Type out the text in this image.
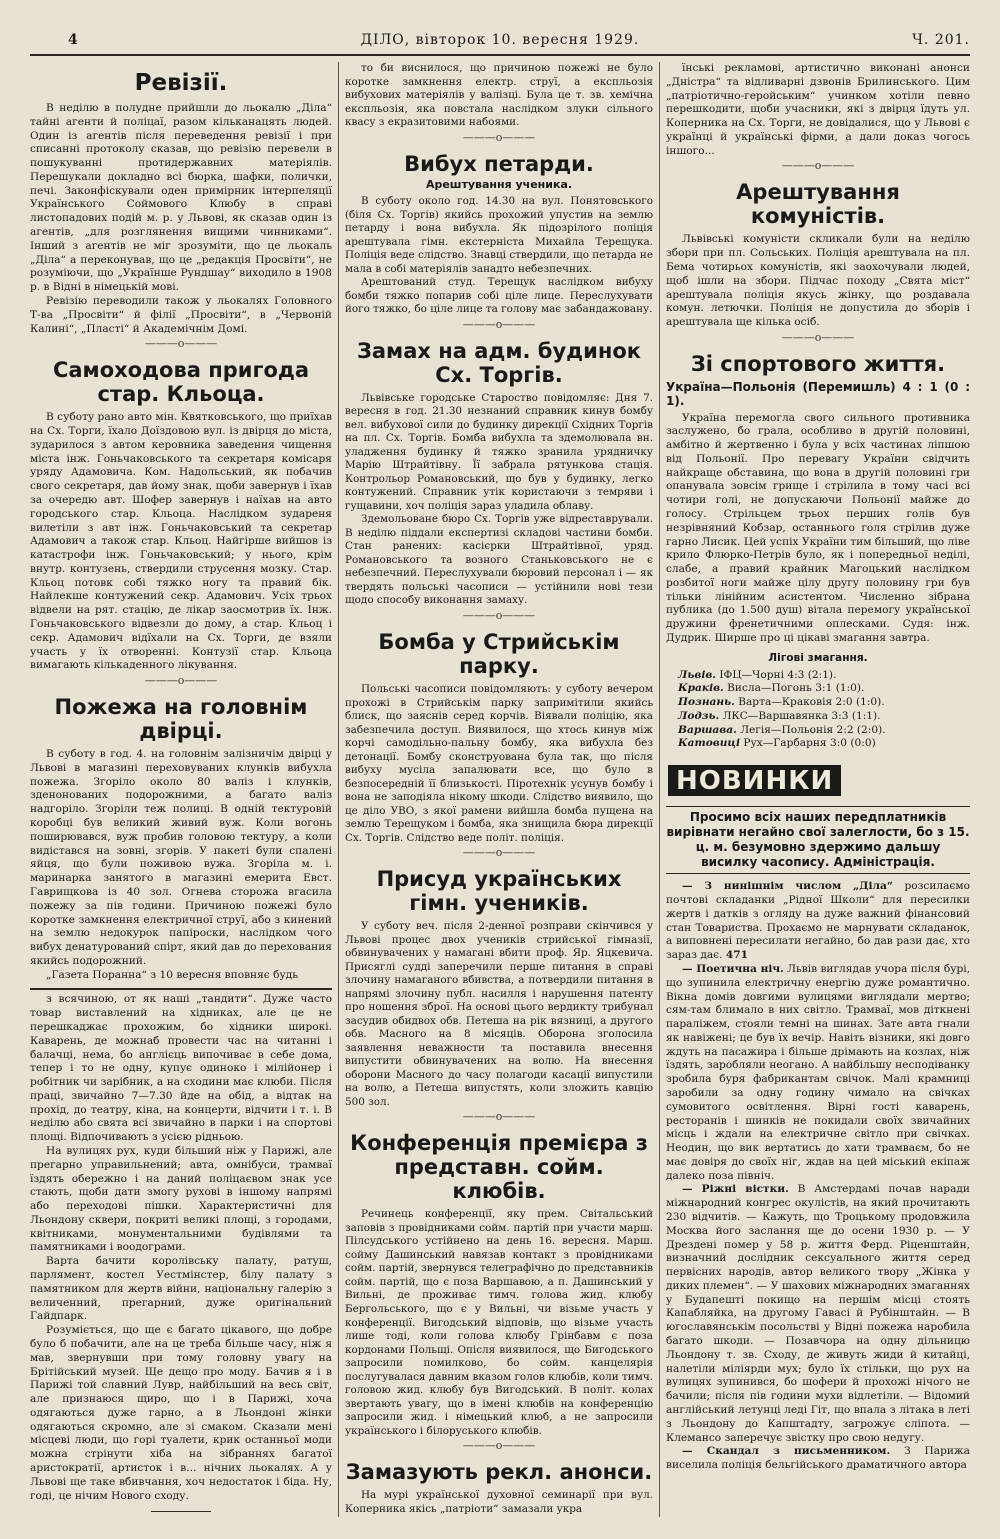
4	ДІЛО, вівторок 10. вересня 1929.	Ч. 201.
Ревізії.

В неділю в полудне прийшли до льокалю „Діла“ тайні агенти й поліцаї, разом кільканацять людей. Один із агентів після переведення ревізії і при списанні протоколу сказав, що ревізію перевели в пошукуванні протидержавних матеріялів. Перешукали докладно всі бюрка, шафки, полички, печі. Законфіскували оден примірник інтерпеляції Українського Соймового Клюбу в справі листопадових подій м. р. у Львові, як сказав один із агентів, „для розглянення вищими чинниками“. Інший з агентів не міг зрозуміти, що це льокаль „Діла“ а переконував, що це „редакція Просвіти“, не розуміючи, що „Українше Рундшау“ виходило в 1908 р. в Відні в німецькій мові.

Ревізію переводили також у льокалях Головного Т-ва „Просвіти“ й філії „Просвіти“, в „Червоній Калині“, „Пласті“ й Академічнім Домі.

———o———
Самоходова пригода стар. Кльоца.

В суботу рано авто мін. Квятковського, що приїхав на Сх. Торги, їхало Доїздовою вул. із двірця до міста, зударилося з автом керовника заведення чищення міста інж. Гоньчаковського та секретаря комісаря уряду Адамовича. Ком. Надольський, як побачив свого секретаря, дав йому знак, щоби завернув і їхав за очередю авт. Шофер завернув і наїхав на авто городського стар. Кльоца. Наслідком зудареня вилетіли з авт інж. Гоньчаковський та секретар Адамович а також стар. Кльоц. Найгірше вийшов із катастрофи інж. Гоньчаковський; у нього, крім внутр. контузень, ствердили струсення мозку. Стар. Кльоц потовк собі тяжко ногу та правий бік. Найлекше контужений секр. Адамович. Усіх трьох відвели на рят. стацію, де лікар заосмотрив їх. Інж. Гоньчаковського відвезли до дому, а стар. Кльоц і секр. Адамович відїхали на Сх. Торги, де взяли участь у їх отворенні. Контузії стар. Кльоца вимагають кількаденного лікування.

———o———
Пожежа на головнім двірці.

В суботу в год. 4. на головнім залізничім двірці у Львові в магазині переховуваних клунків вибухла пожежа. Згоріло около 80 валіз і клунків, зденонованих подорожними, а багато валіз надгоріло. Згоріли теж полиці. В одній тектуровій коробці був великий живий вуж. Коли вогонь поширювався, вуж пробив головою тектуру, а коли видістався на зовні, згорів. У пакеті були спалені яйця, що були поживою вужа. Згоріла м. і. маринарка занятого в магазині емерита Евст. Гаврищкова із 40 зол. Огнева сторожа вгасила пожежу за пів години. Причиною пожежі було коротке замкнення електричної струї, або з кинений на землю недокурок папіроски, наслідком чого вибух денатурований спірт, який дав до перехования якийсь подорожний.

„Газета Поранна“ з 10 вересня вповняє будь

з всячиною, от як наші „тандити“. Дуже часто товар виставлений на хідниках, але це не перешкаджає прохожим, бо хідники широкі. Каварень, де можнаб провести час на читанні і балачці, нема, бо англієць випочиває в себе дома, тепер і то не одну, купує одиноко і мілійонер і робітник чи зарібник, а на сходини має клюби. Після праці, звичайно 7—7.30 йде на обід, а відтак на прохід, до театру, кіна, на концерти, відчити і т. і. В неділю або свята всі звичайно в парки і на спортові площі. Відпочивають з усією рідньою.

На вулицях рух, куди більший ніж у Парижі, але прегарно управильнений; авта, омнібуси, трамваї їздять обережно і на даний поліцаєвом знак усе стають, щоби дати змогу рухові в іншому напрямі або переходові пішки. Характеристичні для Льондону сквери, покриті великі площі, з городами, квітниками, монументальними будівлями та памятниками і воодограми.

Варта бачити королівську палату, ратуш, парлямент, костел Уестмінстер, білу палату з памятником для жертв війни, національну галерію з величенний, прегарний, дуже оригінальний Гайдпарк.

Розуміється, що ще є багато цікавого, що добре було б побачити, але на це треба більше часу, ніж я мав, звернувши при тому головну увагу на Брітійський музей. Ще дещо про моду. Бачив я і в Парижі той славний Лувр, найбільший на весь світ, але признаюся щиро, що і в Парижі, хоча одягаються дуже гарно, а в Льондоні жінки одягаються скромно, але зі смаком. Сказали мені місцеві люди, що горі туалети, крик останньої моди можна стрінути хіба на зібраннях багатої аристократії, артисток і в... нічних льокалях. А у Львові ще таке вбивчання, хоч недостаток і біда. Ну, годі, це нічим Нового сходу.

то би виснилося, що причиною пожежі не було коротке замкнення електр. струї, а експльозія вибухових матеріялів у валізці. Була це т. зв. хемічна експльозія, яка повстала наслідком злуки сільного квасу з екразитовими набоями.

———o———
Вибух петарди.
Арештування ученика.

В суботу около год. 14.30 на вул. Понятовського (біля Сх. Торгів) якийсь прохожий упустив на землю петарду і вона вибухла. Як підозрілого поліція арештувала гімн. екстерніста Михайла Терещука. Поліція веде слідство. Знавці ствердили, що петарда не мала в собі матеріялів занадто небезпечних.

Арештований студ. Терещук наслідком вибуху бомби тяжко попарив собі ціле лице. Переслухувати його тяжко, бо ціле лице та голову має забандажовану.

———o———
Замах на адм. будинок Сх. Торгів.

Львівське городське Староство повідомляє: Дня 7. вересня в год. 21.30 незнаний справник кинув бомбу вел. вибухової сили до будинку дирекції Східних Торгів на пл. Сх. Торгів. Бомба вибухла та здемолювала вн. уладження будинку й тяжко зранила урядничку Марію Штрайтівну. Її забрала рятункова стація. Контрольор Романовський, що був у будинку, легко контужений. Справник утік користаючи з темряви і гущавини, хоч поліція зараз уладила облаву.

Здемольоване бюро Сх. Торгів уже відреставрували. В неділю піддали експертизі складові частини бомби. Стан ранених: касієрки Штрайтівної, уряд. Романовського та возного Станьковського не є небезпечний. Переслухували бюровий персонал і — як твердять польські часописи — устійнили нові тези щодо способу виконання замаху.

———o———
Бомба у Стрийськім парку.

Польські часописи повідомляють: у суботу вечером прохожі в Стрийськім парку запримітили якийсь блиск, що заяснів серед корчів. Віявали поліцію, яка забезпечила доступ. Виявилося, що хтось кинув між корчі самодільно-пальну бомбу, яка вибухла без детонації. Бомбу сконструована була так, що після вибуху мусіла запалювати все, що було в безпосередній її близькості. Піротехнік усунув бомбу і вона не заподіяла нікому шкоди. Слідство виявило, що це діло УВО, з якої рамени вийшла бомба пущена на землю Терещуком і бомба, яка знищила бюра дирекції Сх. Торгів. Слідство веде політ. поліція.

———o———
Присуд українських гімн. учеників.

У суботу веч. після 2-денної розправи скінчився у Львові процес двох учеників стрийської гімназії, обвинувачених у намагані вбити проф. Яр. Яцкевича. Присяглі судді заперечили перше питання в справі злочину намаганого вбивства, а потвердили питання в напрямі злочину публ. насилля і нарушення патенту про ношення зброї. На основі цього вердикту трибунал засудив обидвох обв. Петеша на рік вязниці, а другого обв. Масного на 8 місяців. Оборона зголосила заявлення неважности та поставила внесення випустити обвинувачених на волю. На внесення оборони Масного до часу полагоди касації випустили на волю, а Петеша випустять, коли зложить кавцію 500 зол.

———o———
Конференція премієра з представн. сойм. клюбів.

Речинець конференції, яку прем. Світальський заповів з провідниками сойм. партій при участи марш. Пілсудського устійнено на день 16. вересня. Марш. сойму Дашинський навязав контакт з провідниками сойм. партій, звернувся телеграфічно до представників сойм. партій, що є поза Варшавою, а п. Дашинський у Вильні, де проживає тимч. голова жид. клюбу Бергольського, що є у Вильні, чи візьме участь у конференції. Вигодський відповів, що візьме участь лише тоді, коли голова клюбу Грінбавм є поза кордонами Польщі. Опісля виявилося, що Бигодського запросили помилково, бо сойм. канцелярія послугувалася давним вказом голов клюбів, коли тимч. головою жид. клюбу був Вигодський. В політ. колах звертають увагу, що в імені клюбів на конференцію запросили жид. і німецький клюб, а не запросили українського і білоруського клюбів.

———o———
Замазують рекл. анонси.

На мурі української духовної семинарії при вул. Коперника якісь „патріоти“ замазали укра

їнські рекламові, артистично виконані анонси „Дністра“ та відливарні дзвонів Брилинського. Цим „патріотично-геройським“ учинком хотіли певно перешкодити, щоби учасники, які з двірця їдуть ул. Коперника на Сх. Торги, не довідалися, що у Львові є українці й українські фірми, а дали доказ чогось іншого...

———o———
Арештування комуністів.

Львівські комуністи скликали були на неділю збори при пл. Сольських. Поліція арештувала на пл. Бема чотирьох комуністів, які заохочували людей, щоб ішли на збори. Підчас походу „Свята міст“ арештувала поліція якусь жінку, що роздавала комун. летючки. Поліція не допустила до зборів і арештувала ще кілька осіб.

———o———
Зі спортового життя.
Україна—Польонія (Перемишль) 4 : 1 (0 : 1).

Україна перемогла свого сильного противника заслужено, бо грала, особливо в другій половині, амбітно й жертвенно і була у всіх частинах ліпшою від Польонії. Про перевагу України свідчить найкраще обставина, що вона в другій половині гри опанувала зовсім грище і стрілила в тому часі всі чотири голі, не допускаючи Польонії майже до голосу. Стрільцем трьох перших голів був незрівняний Кобзар, останнього голя стрілив дуже гарно Лисик. Цей успіх України тим більший, що ліве крило Флюрко-Петрів було, як і попередньої неділі, слабе, а правий крайник Магоцький наслідком розбитої ноги майже цілу другу половину гри був тільки лінійним асистентом. Численно зібрана публика (до 1.500 душ) вітала перемогу української дружини френетичними оплесками. Судя: інж. Дудрик. Ширше про ці цікаві змагання завтра.

Лігові змагання.
Львів. ІФЦ—Чорні 4:3 (2:1).
Краків. Висла—Погонь 3:1 (1:0).
Познань. Варта—Краковія 2:0 (1:0).
Лодзь. ЛКС—Варшавянка 3:3 (1:1).
Варшава. Легія—Польонія 2:2 (2:0).
Катовиці Рух—Гарбарня 3:0 (0:0)
НОВИНКИ
Просимо всіх наших передплатників вирівнати негайно свої залеглости, бо з 15. ц. м. безумовно здержимо дальшу висилку часопису. Адміністрація.

— З нинішнім числом „Діла“ розсилаємо почтові складанки „Рідної Школи“ для пересилки жертв і датків з огляду на дуже важний фінансовий стан Товариства. Прохаємо не марнувати складанок, а виповнені пересилати негайно, бо дав рази дає, хто зараз дає. 471

— Поетична ніч. Львів виглядав учора після бурі, що зупинила електричну енергію дуже романтично. Вікна домів довгими вулицями виглядали мертво; сям-там блимало в них світло. Трамваї, мов діткнені параліжем, стояли темні на шинах. Зате авта гнали як навіжені; це був їх вечір. Навіть візники, які довго ждуть на пасажира і більше дрімають на козлах, ніж їздять, заробляли неогано. А найбільшу несподіванку зробила буря фабрикантам свічок. Малі крамниці заробили за одну годину чимало на свічках сумовитого освітлення. Вірні гості каварень, ресторанів і шинків не покидали своїх звичайних місць і ждали на електричне світло при свічках. Неодин, що вик вертатись до хати трамваєм, бо не має довіря до своїх ніг, ждав на цей міський екіпаж далеко поза північ.

— Ріжні вістки. В Амстердамі почав наради міжнародний конгрес окулістів, на який прочитають 230 відчитів. — Кажуть, що Троцькому продовжила Москва його заслання ще до осени 1930 р. — У Дрездені помер у 58 р. життя Ферд. Ріценштайн, визначний дослідник сексуального життя серед первісних народів, автор великого твору „Жінка у диких племен“. — У шахових міжнародних змаганнях у Будапешті покищо на першім місці стоять Капабляйка, на другому Гавасі й Рубінштайн. — В югославянськім посольстві у Відні пожежа нарoбила багато шкоди. — Позавчора на одну дільницю Льондону т. зв. Сходу, де живуть жиди й китайці, налетіли міліярди мух; було їх стільки, що рух на вулицях зупинився, бо шофери й прохожі нічого не бачили; після пів години мухи відлетіли. — Відомий англійський летунці леді Гіт, що впала з літака в леті з Льондону до Капштадту, загрожує сліпота. — Клемансо заперечує звістку про свою недугу.

— Скандал з письменником. З Парижа виселила поліція бельгійського драматичного автора
